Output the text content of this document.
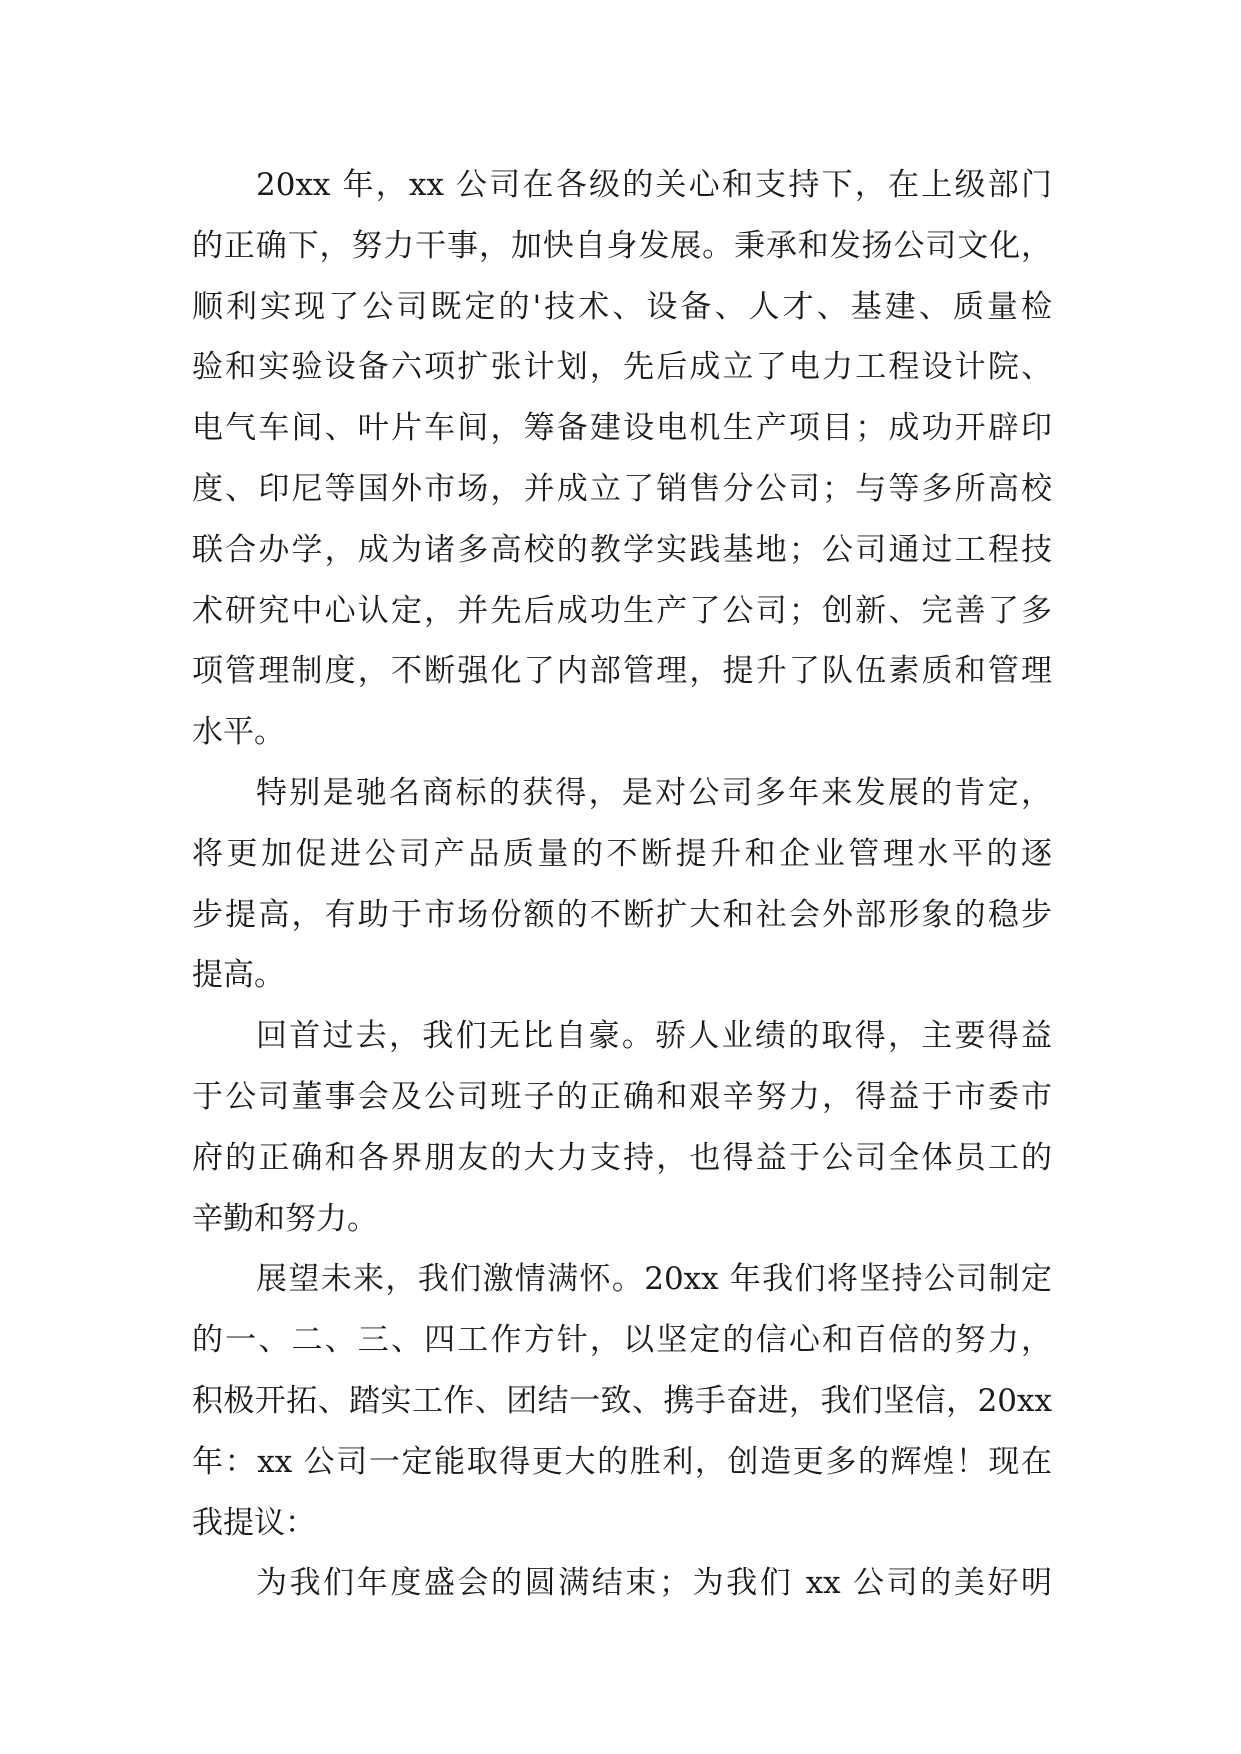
20xx 年，xx 公司在各级的关心和支持下，在上级部门
的正确下，努力干事，加快自身发展。秉承和发扬公司文化，
顺利实现了公司既定的'技术、设备、人才、基建、质量检
验和实验设备六项扩张计划，先后成立了电力工程设计院、
电气车间、叶片车间，筹备建设电机生产项目；成功开辟印
度、印尼等国外市场，并成立了销售分公司；与等多所高校
联合办学，成为诸多高校的教学实践基地；公司通过工程技
术研究中心认定，并先后成功生产了公司；创新、完善了多
项管理制度，不断强化了内部管理，提升了队伍素质和管理
水平。
特别是驰名商标的获得，是对公司多年来发展的肯定，
将更加促进公司产品质量的不断提升和企业管理水平的逐
步提高，有助于市场份额的不断扩大和社会外部形象的稳步
提高。
回首过去，我们无比自豪。骄人业绩的取得，主要得益
于公司董事会及公司班子的正确和艰辛努力，得益于市委市
府的正确和各界朋友的大力支持，也得益于公司全体员工的
辛勤和努力。
展望未来，我们激情满怀。20xx 年我们将坚持公司制定
的一、二、三、四工作方针，以坚定的信心和百倍的努力，
积极开拓、踏实工作、团结一致、携手奋进，我们坚信，20xx
年：xx 公司一定能取得更大的胜利，创造更多的辉煌！现在
我提议：
为我们年度盛会的圆满结束；为我们 xx 公司的美好明
